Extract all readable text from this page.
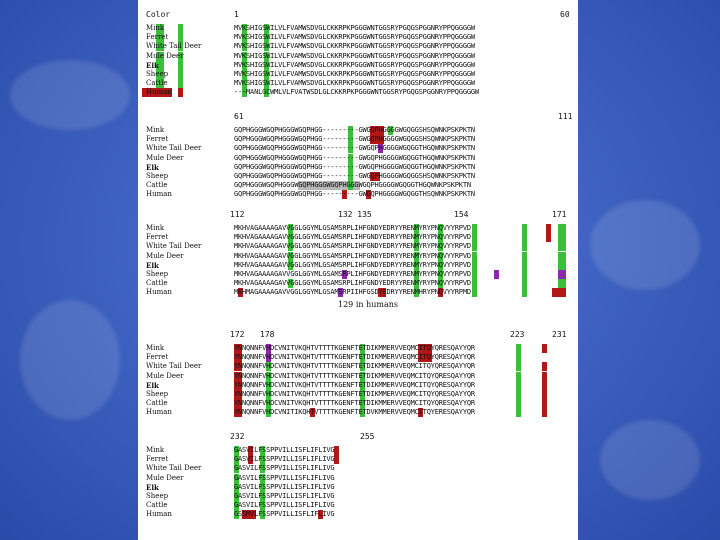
Color	1	60
Mink	MVKSHIGSWILVLFVAMWSDVGLCKKRPKPGGGWNTGGSRYPGQGSPGGNRYPPQGGGGW
Ferret	MVKSHIGSWILVLFVAMWSDVGLCKKRPKPGGGWNTGGSRYPGQGSPGGNRYPPQGGGGW
White Tail Deer	MVKSHIGSWILVLFVAMWSDVGLCKKRPKPGGGWNTGGSRYPGQGSPGGNRYPPQGGGGW
Mule Deer	MVKSHIGSWILVLFVAMWSDVGLCKKRPKPGGGWNTGGSRYPGQGSPGGNRYPPQGGGGW
Elk	MVKSHIGSWILVLFVAMWSDVGLCKKRPKPGGGWNTGGSRYPGQGSPGGNRYPPQGGGGW
Sheep	MVKSHIGSWILVLFVAMWSDVGLCKKRPKPGGGWNTGGSRYPGQGSPGGNRYPPQGGGGW
Cattle	MVKSHIGSWILVLFVAMWSDVGLCKKRPKPGGGWNTGGSRYPGQGSPGGNRYPPQGGGGW
Human	---MANLGCWMLVLFVATWSDLGLCKKRPKPGGGWNTGGSRYPGQGSPGGNRYPPQGGGGW
61	111
Mink	GQPHGGGWGQPHGGGWGQPHGG---------GWGQPHGGGGWGQGGSHSQWNKPSKPKTN
Ferret	GQPHGGGWGQPHGGGWGQPHGG---------GWGQPHGGGGWGQGGSHSQWNKPSKPKTN
White Tail Deer	GQPHGGGWGQPHGGGWGQPHGG---------GWGQPHGGGGWGQGGTHGQWNKPSKPKTN
Mule Deer	GQPHGGGWGQPHGGGWGQPHGG---------GWGQPHGGGGWGQGGTHGQWNKPSKPKTN
Elk	GQPHGGGWGQPHGGGWGQPHGG---------GWGQPHGGGGWGQGGTHGQWNKPSKPKTN
Sheep	GQPHGGGWGQPHGGGWGQPHGG---------GWGQPHGGGGWGQGGSHSQWNKPSKPKTN
Cattle	GQPHGGGWGQPHGGGWGQPHGGGWGQPHGGGWGQPHGGGGWGQGGTHGQWNKPSKPKTN
Human	GQPHGGGWGQPHGGGWGQPHGG---------GWGQPHGGGGWGQGGTHSQWNKPSKPKTN
112	132 135	154	171
Mink	MKHVAGAAAAGAVVGGLGGYMLGSAMSRPLIHFGNDYEDRYYRENMYRYPNQVYYRPVD
Ferret	MKHVAGAAAAGAVVGGLGGYMLGSAMSRPLIHFGNDYEDRYYRENMYRYPNQVYYRPVD
White Tail Deer	MKHVAGAAAAGAVVGGLGGYMLGSAMSRPLIHFGNDYEDRYYRENMYRYPNQVYYRPVD
Mule Deer	MKHVAGAAAAGAVVGGLGGYMLGSAMSRPLIHFGNDYEDRYYRENMYRYPNQVYYRPVD
Elk	MKHVAGAAAAGAVVGGLGGYMLGSAMSRPLIHFGNDYEDRYYRENMYRYPNQVYYRPVD
Sheep	MKHVAGAAAAGAVVGGLGGYMLGSAMSRPLIHFGNDYEDRYYRENMYRYPNQVYYRPVD
Cattle	MKHVAGAAAAGAVVGGLGGYMLGSAMSRPLIHFGNDYEDRYYRENMYRYPNQVYYRPVD
Human	MKHMAGAAAAGAVVGGLGGYMLGSAMSRPIIHFGSDYEDRYYRENMHRYPNQVYYRPMD
129 in humans
172 178	223	231
Mink	YNNQNNFVHDCVNITVKQHTVTTTTKGENFTETDIKMMERVVEQMCITQYQRESQAYYQR
Ferret	YNNQNNFVHDCVNITVKQHTVTTTTKGENFTETDIKMMERVVEQMCITQYQRESQAYYQR
White Tail Deer	YNNQNNFVHDCVNITVKQHTVTTTTKGENFTETDIKMMERVVEQMCITQYQRESQAYYQR
Mule Deer	YNNQNNFVHDCVNITVKQHTVTTTTKGENFTETDIKMMERVVEQMCITQYQRESQAYYQR
Elk	YNNQNNFVHDCVNITVKQHTVTTTTKGENFTETDIKMMERVVEQMCITQYQRESQAYYQR
Sheep	YNNQNNFVHDCVNITVKQHTVTTTTKGENFTETDIKMMERVVEQMCITQYQRESQAYYQR
Cattle	YNNQNNFVHDCVNITVKQHTVTTTTKGENFTETDIKMMERVVEQMCITQYQRESQAYYQR
Human	YNNQNNFVHDCVNITIKQHTVTTTTKGENFTETDVKMMERVVEQMCITQYERESQAYYQR
232	255
Mink	GASVILFSSPPVILLISFLIFLIVG
Ferret	GASVILFSSPPVILLISFLIFLIVG
White Tail Deer	GASVILFSSPPVILLISFLIFLIVG
Mule Deer	GASVILFSSPPVILLISFLIFLIVG
Elk	GASVILFSSPPVILLISFLIFLIVG
Sheep	GASVILFSSPPVILLISFLIFLIVG
Cattle	GASVILFSSPPVILLISFLIFLIVG
Human	GSSMVLFSSPPVILLISFLIFLIVG
